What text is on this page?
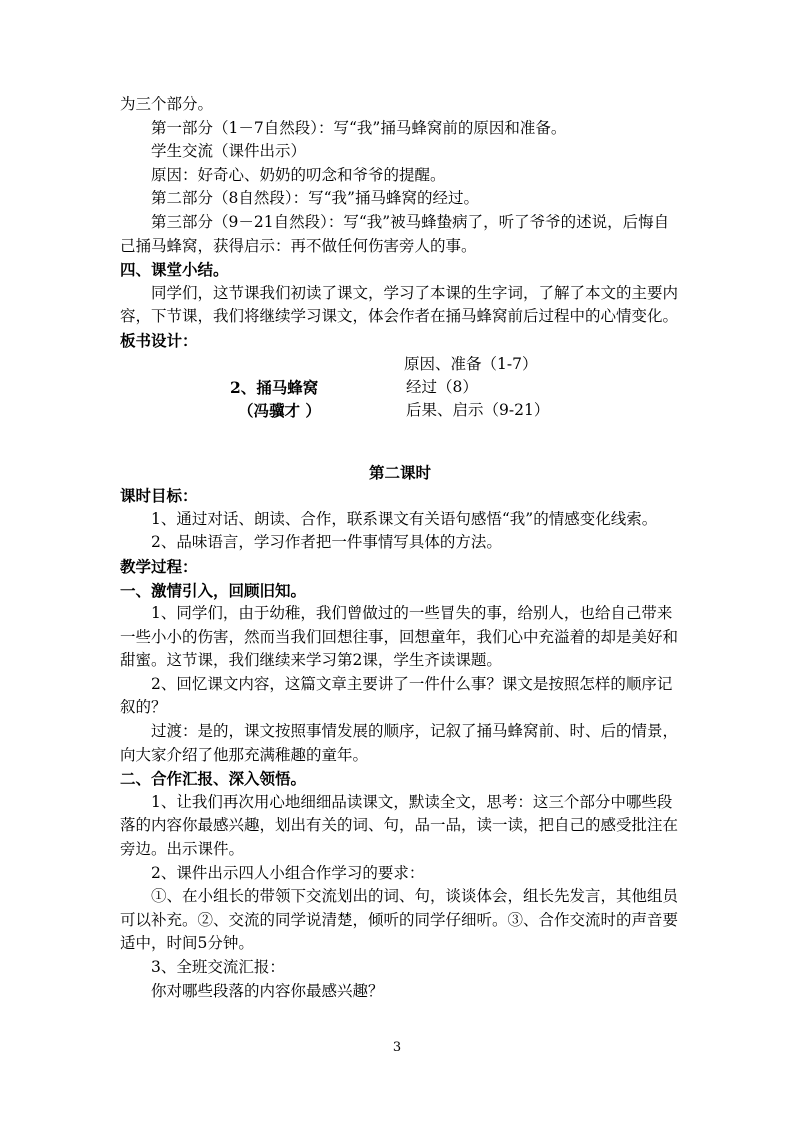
为三个部分。

第一部分（1－7自然段）：写“我”捅马蜂窝前的原因和准备。

学生交流（课件出示）

原因：好奇心、奶奶的叨念和爷爷的提醒。

第二部分（8自然段）：写“我”捅马蜂窝的经过。

第三部分（9－21自然段）：写“我”被马蜂蛰病了，听了爷爷的述说，后悔自己捅马蜂窝，获得启示：再不做任何伤害旁人的事。

四、课堂小结。

同学们，这节课我们初读了课文，学习了本课的生字词，了解了本文的主要内容，下节课，我们将继续学习课文，体会作者在捅马蜂窝前后过程中的心情变化。

板书设计：

原因、准备（1-7）
2、捅马蜂窝	经过（8）
（冯骥才 ）	后果、启示（9-21）

第二课时

课时目标：

1、通过对话、朗读、合作，联系课文有关语句感悟“我”的情感变化线索。

2、品味语言，学习作者把一件事情写具体的方法。

教学过程：

一、激情引入，回顾旧知。

1、同学们，由于幼稚，我们曾做过的一些冒失的事，给别人，也给自己带来一些小小的伤害，然而当我们回想往事，回想童年，我们心中充溢着的却是美好和甜蜜。这节课，我们继续来学习第2课，学生齐读课题。

2、回忆课文内容，这篇文章主要讲了一件什么事？课文是按照怎样的顺序记叙的？

过渡：是的，课文按照事情发展的顺序，记叙了捅马蜂窝前、时、后的情景，向大家介绍了他那充满稚趣的童年。

二、合作汇报、深入领悟。

1、让我们再次用心地细细品读课文，默读全文，思考：这三个部分中哪些段落的内容你最感兴趣，划出有关的词、句，品一品，读一读，把自己的感受批注在旁边。出示课件。

2、课件出示四人小组合作学习的要求：

①、在小组长的带领下交流划出的词、句，谈谈体会，组长先发言，其他组员可以补充。②、交流的同学说清楚，倾听的同学仔细听。③、合作交流时的声音要适中，时间5分钟。

3、全班交流汇报：

你对哪些段落的内容你最感兴趣？

3
